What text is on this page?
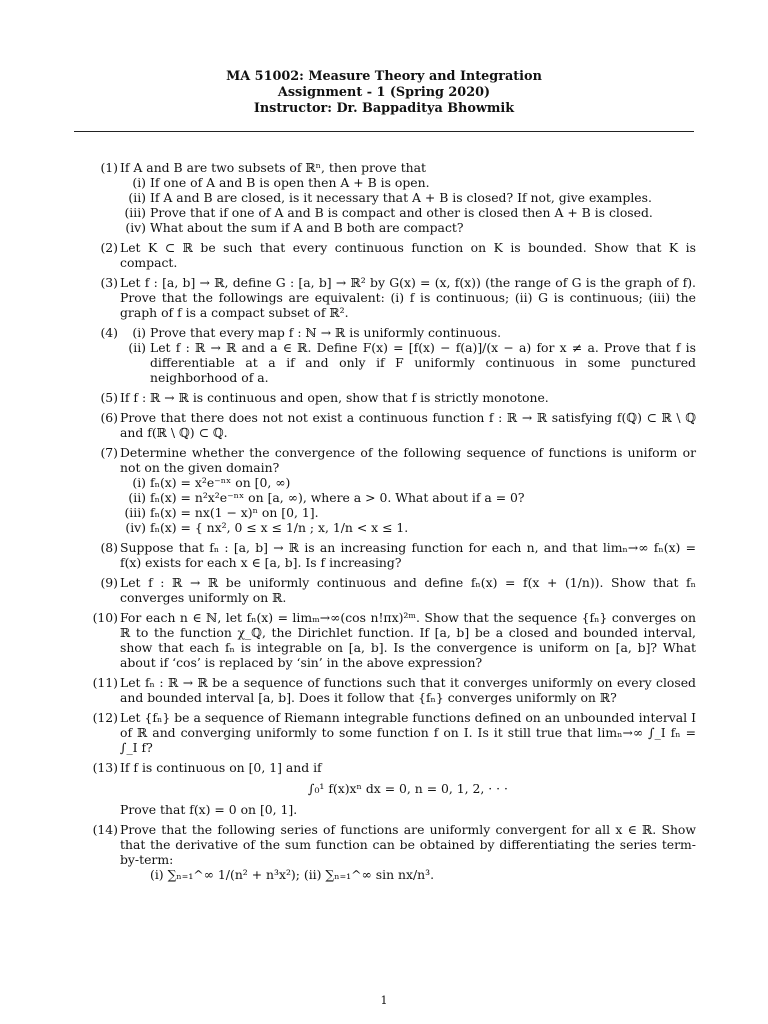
MA 51002: Measure Theory and Integration
Assignment - 1 (Spring 2020)
Instructor: Dr. Bappaditya Bhowmik
(1) If A and B are two subsets of ℝⁿ, then prove that
(i) If one of A and B is open then A + B is open.
(ii) If A and B are closed, is it necessary that A + B is closed? If not, give examples.
(iii) Prove that if one of A and B is compact and other is closed then A + B is closed.
(iv) What about the sum if A and B both are compact?
(2) Let K ⊂ ℝ be such that every continuous function on K is bounded. Show that K is compact.
(3) Let f : [a, b] → ℝ, define G : [a, b] → ℝ² by G(x) = (x, f(x)) (the range of G is the graph of f). Prove that the followings are equivalent: (i) f is continuous; (ii) G is continuous; (iii) the graph of f is a compact subset of ℝ².
(4)	(i) Prove that every map f : ℕ → ℝ is uniformly continuous.
(ii) Let f : ℝ → ℝ and a ∈ ℝ. Define F(x) = [f(x) − f(a)]/(x − a) for x ≠ a. Prove that f is differentiable at a if and only if F uniformly continuous in some punctured neighborhood of a.
(5) If f : ℝ → ℝ is continuous and open, show that f is strictly monotone.
(6) Prove that there does not not exist a continuous function f : ℝ → ℝ satisfying f(ℚ) ⊂ ℝ \ ℚ and f(ℝ \ ℚ) ⊂ ℚ.
(7) Determine whether the convergence of the following sequence of functions is uniform or not on the given domain?
(i) fₙ(x) = x²e⁻ⁿˣ on [0, ∞)
(ii) fₙ(x) = n²x²e⁻ⁿˣ on [a, ∞), where a > 0. What about if a = 0?
(iii) fₙ(x) = nx(1 − x)ⁿ on [0, 1].
(iv) fₙ(x) = { nx², 0 ≤ x ≤ 1/n ; x, 1/n < x ≤ 1.
(8) Suppose that fₙ : [a, b] → ℝ is an increasing function for each n, and that limₙ→∞ fₙ(x) = f(x) exists for each x ∈ [a, b]. Is f increasing?
(9) Let f : ℝ → ℝ be uniformly continuous and define fₙ(x) = f(x + (1/n)). Show that fₙ converges uniformly on ℝ.
(10) For each n ∈ ℕ, let fₙ(x) = limₘ→∞(cos n!πx)²ᵐ. Show that the sequence {fₙ} converges on ℝ to the function χ_ℚ, the Dirichlet function. If [a, b] be a closed and bounded interval, show that each fₙ is integrable on [a, b]. Is the convergence is uniform on [a, b]? What about if ‘cos’ is replaced by ‘sin’ in the above expression?
(11) Let fₙ : ℝ → ℝ be a sequence of functions such that it converges uniformly on every closed and bounded interval [a, b]. Does it follow that {fₙ} converges uniformly on ℝ?
(12) Let {fₙ} be a sequence of Riemann integrable functions defined on an unbounded interval I of ℝ and converging uniformly to some function f on I. Is it still true that limₙ→∞ ∫_I fₙ = ∫_I f?
(13) If f is continuous on [0, 1] and if
∫₀¹ f(x)xⁿ dx = 0, n = 0, 1, 2, · · ·
Prove that f(x) = 0 on [0, 1].
(14) Prove that the following series of functions are uniformly convergent for all x ∈ ℝ. Show that the derivative of the sum function can be obtained by differentiating the series term-by-term:
(i) ∑ₙ₌₁^∞ 1/(n² + n³x²); (ii) ∑ₙ₌₁^∞ sin nx/n³.
1
